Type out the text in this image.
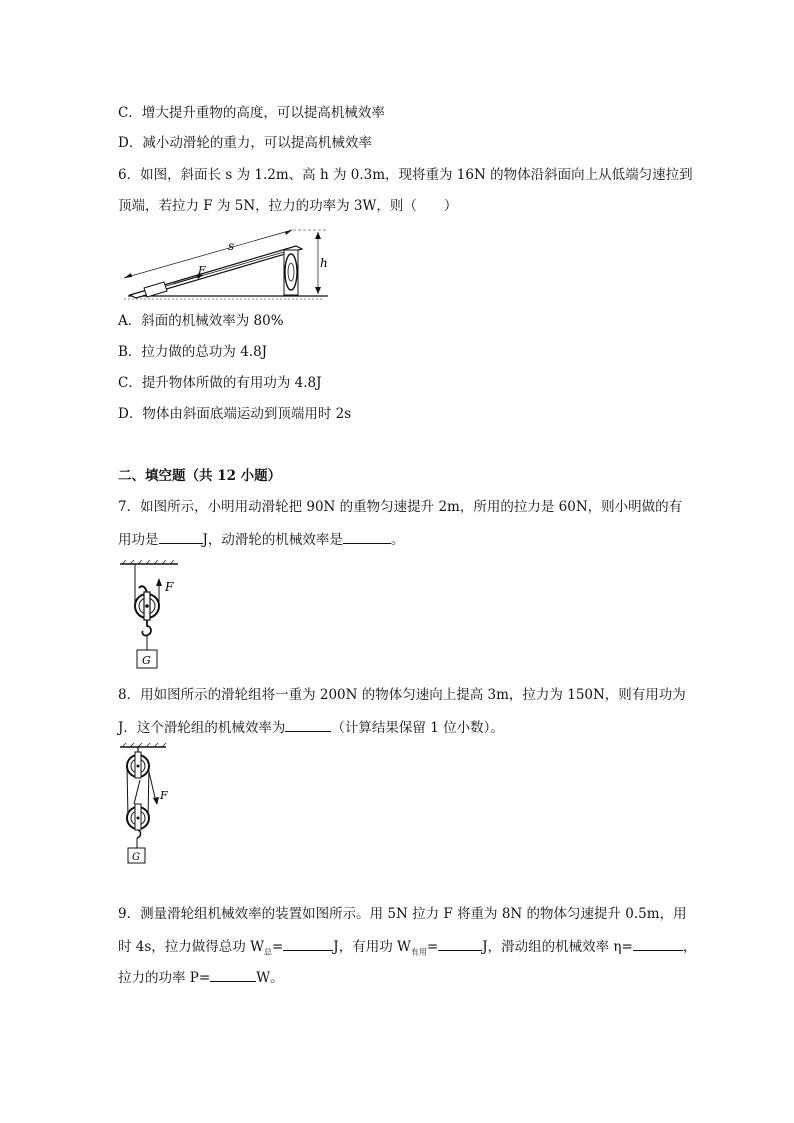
C．增大提升重物的高度，可以提高机械效率
D．减小动滑轮的重力，可以提高机械效率
6．如图，斜面长 s 为 1.2m、高 h 为 0.3m，现将重为 16N 的物体沿斜面向上从低端匀速拉到
顶端，若拉力 F 为 5N，拉力的功率为 3W，则（　　）
s
h
F
A．斜面的机械效率为 80%
B．拉力做的总功为 4.8J
C．提升物体所做的有用功为 4.8J
D．物体由斜面底端运动到顶端用时 2s
二、填空题（共 12 小题）
7．如图所示，小明用动滑轮把 90N 的重物匀速提升 2m，所用的拉力是 60N，则小明做的有
用功是	J，动滑轮的机械效率是	。
F
G
8．用如图所示的滑轮组将一重为 200N 的物体匀速向上提高 3m，拉力为 150N，则有用功为
J．这个滑轮组的机械效率为	（计算结果保留 1 位小数）。
F
G
9．测量滑轮组机械效率的装置如图所示。用 5N 拉力 F 将重为 8N 的物体匀速提升 0.5m，用
时 4s，拉力做得总功 $W_总=$	J，有用功 $W_{有用}=$	J，滑动组的机械效率 η=	，
拉力的功率 P=	W。
